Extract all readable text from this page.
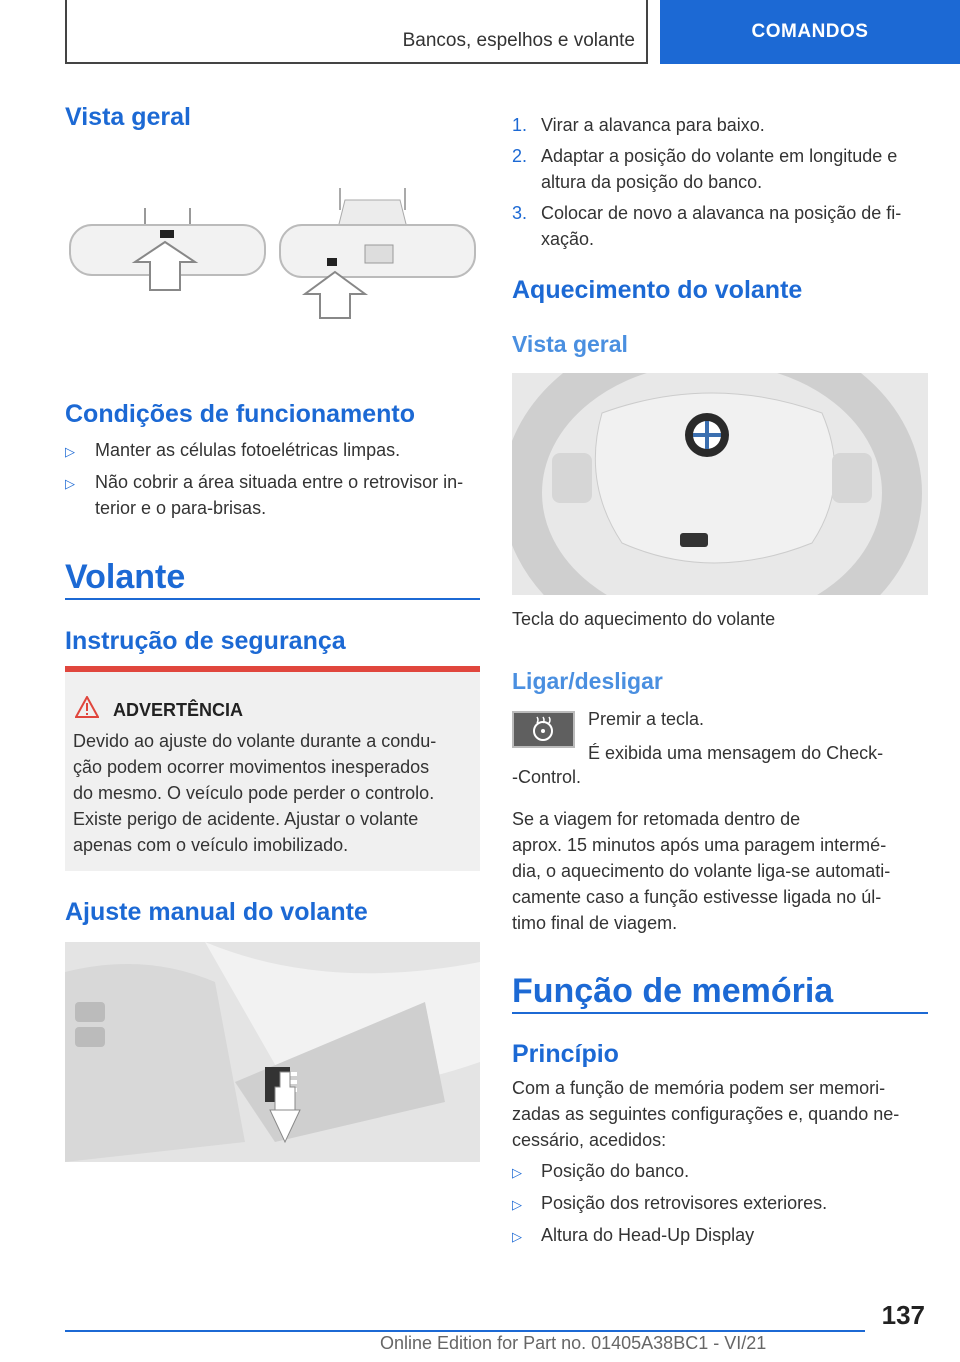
Bancos, espelhos e volante	COMANDOS
Vista geral
Condições de funcionamento
▷ Manter as células fotoelétricas limpas.
▷ Não cobrir a área situada entre o retrovisor in-
terior e o para-brisas.
Volante
Instrução de segurança
ADVERTÊNCIA
Devido ao ajuste do volante durante a condu-
ção podem ocorrer movimentos inesperados
do mesmo. O veículo pode perder o controlo.
Existe perigo de acidente. Ajustar o volante
apenas com o veículo imobilizado.
Ajuste manual do volante
1. Virar a alavanca para baixo.
2. Adaptar a posição do volante em longitude e
altura da posição do banco.
3. Colocar de novo a alavanca na posição de fi-
xação.
Aquecimento do volante
Vista geral
Tecla do aquecimento do volante
Ligar/desligar
Premir a tecla.
É exibida uma mensagem do Check-
-Control.
Se a viagem for retomada dentro de
aprox. 15 minutos após uma paragem intermé-
dia, o aquecimento do volante liga-se automati-
camente caso a função estivesse ligada no úl-
timo final de viagem.
Função de memória
Princípio
Com a função de memória podem ser memori-
zadas as seguintes configurações e, quando ne-
cessário, acedidos:
▷ Posição do banco.
▷ Posição dos retrovisores exteriores.
▷ Altura do Head-Up Display
137
Online Edition for Part no. 01405A38BC1 - VI/21
